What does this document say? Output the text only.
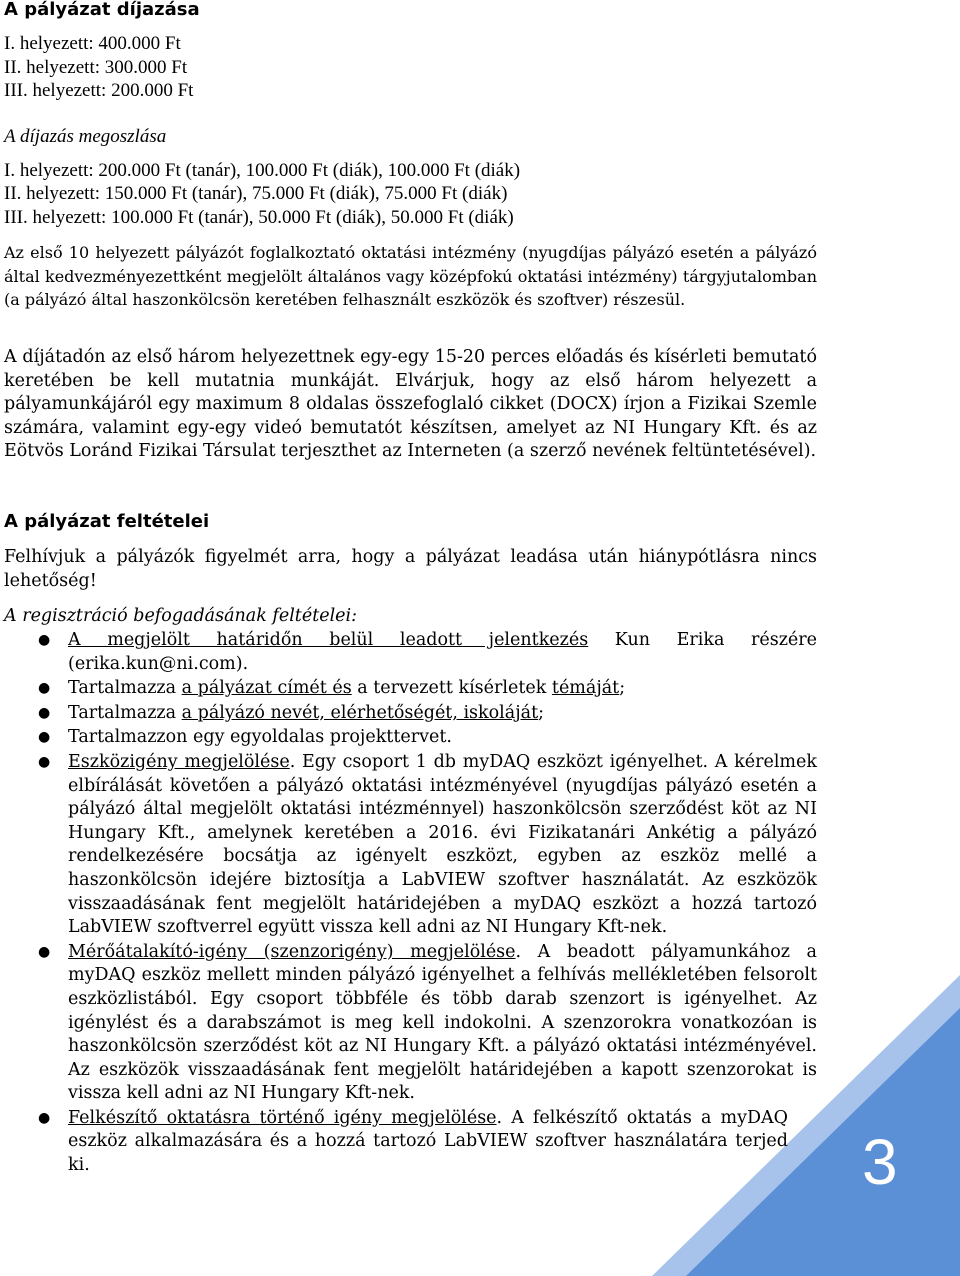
A pályázat díjazása

I. helyezett: 400.000 Ft

II. helyezett: 300.000 Ft

III. helyezett: 200.000 Ft

A díjazás megoszlása

I. helyezett: 200.000 Ft (tanár), 100.000 Ft (diák), 100.000 Ft (diák)

II. helyezett: 150.000 Ft (tanár), 75.000 Ft (diák), 75.000 Ft (diák)

III. helyezett: 100.000 Ft (tanár), 50.000 Ft (diák), 50.000 Ft (diák)

Az első 10 helyezett pályázót foglalkoztató oktatási intézmény (nyugdíjas pályázó esetén a pályázó által kedvezményezettként megjelölt általános vagy középfokú oktatási intézmény) tárgyjutalomban (a pályázó által haszonkölcsön keretében felhasznált eszközök és szoftver) részesül.

A díjátadón az első három helyezettnek egy-egy 15-20 perces előadás és kísérleti bemutató keretében be kell mutatnia munkáját. Elvárjuk, hogy az első három helyezett a pályamunkájáról egy maximum 8 oldalas összefoglaló cikket (DOCX) írjon a Fizikai Szemle számára, valamint egy-egy videó bemutatót készítsen, amelyet az NI Hungary Kft. és az Eötvös Loránd Fizikai Társulat terjeszthet az Interneten (a szerző nevének feltüntetésével).

A pályázat feltételei

Felhívjuk a pályázók figyelmét arra, hogy a pályázat leadása után hiánypótlásra nincs lehetőség!

A regisztráció befogadásának feltételei:

● A megjelölt határidőn belül leadott jelentkezés Kun Erika részére (erika.kun@ni.com).
● Tartalmazza a pályázat címét és a tervezett kísérletek témáját;
● Tartalmazza a pályázó nevét, elérhetőségét, iskoláját;
● Tartalmazzon egy egyoldalas projekttervet.
● Eszközigény megjelölése. Egy csoport 1 db myDAQ eszközt igényelhet. A kérelmek elbírálását követően a pályázó oktatási intézményével (nyugdíjas pályázó esetén a pályázó által megjelölt oktatási intézménnyel) haszonkölcsön szerződést köt az NI Hungary Kft., amelynek keretében a 2016. évi Fizikatanári Ankétig a pályázó rendelkezésére bocsátja az igényelt eszközt, egyben az eszköz mellé a haszonkölcsön idejére biztosítja a LabVIEW szoftver használatát. Az eszközök visszaadásának fent megjelölt határidejében a myDAQ eszközt a hozzá tartozó LabVIEW szoftverrel együtt vissza kell adni az NI Hungary Kft-nek.
● Mérőátalakító-igény (szenzorigény) megjelölése. A beadott pályamunkához a myDAQ eszköz mellett minden pályázó igényelhet a felhívás mellékletében felsorolt eszközlistából. Egy csoport többféle és több darab szenzort is igényelhet. Az igénylést és a darabszámot is meg kell indokolni. A szenzorokra vonatkozóan is haszonkölcsön szerződést köt az NI Hungary Kft. a pályázó oktatási intézményével. Az eszközök visszaadásának fent megjelölt határidejében a kapott szenzorokat is vissza kell adni az NI Hungary Kft-nek.
● Felkészítő oktatásra történő igény megjelölése. A felkészítő oktatás a myDAQ eszköz alkalmazására és a hozzá tartozó LabVIEW szoftver használatára terjed ki.	3
